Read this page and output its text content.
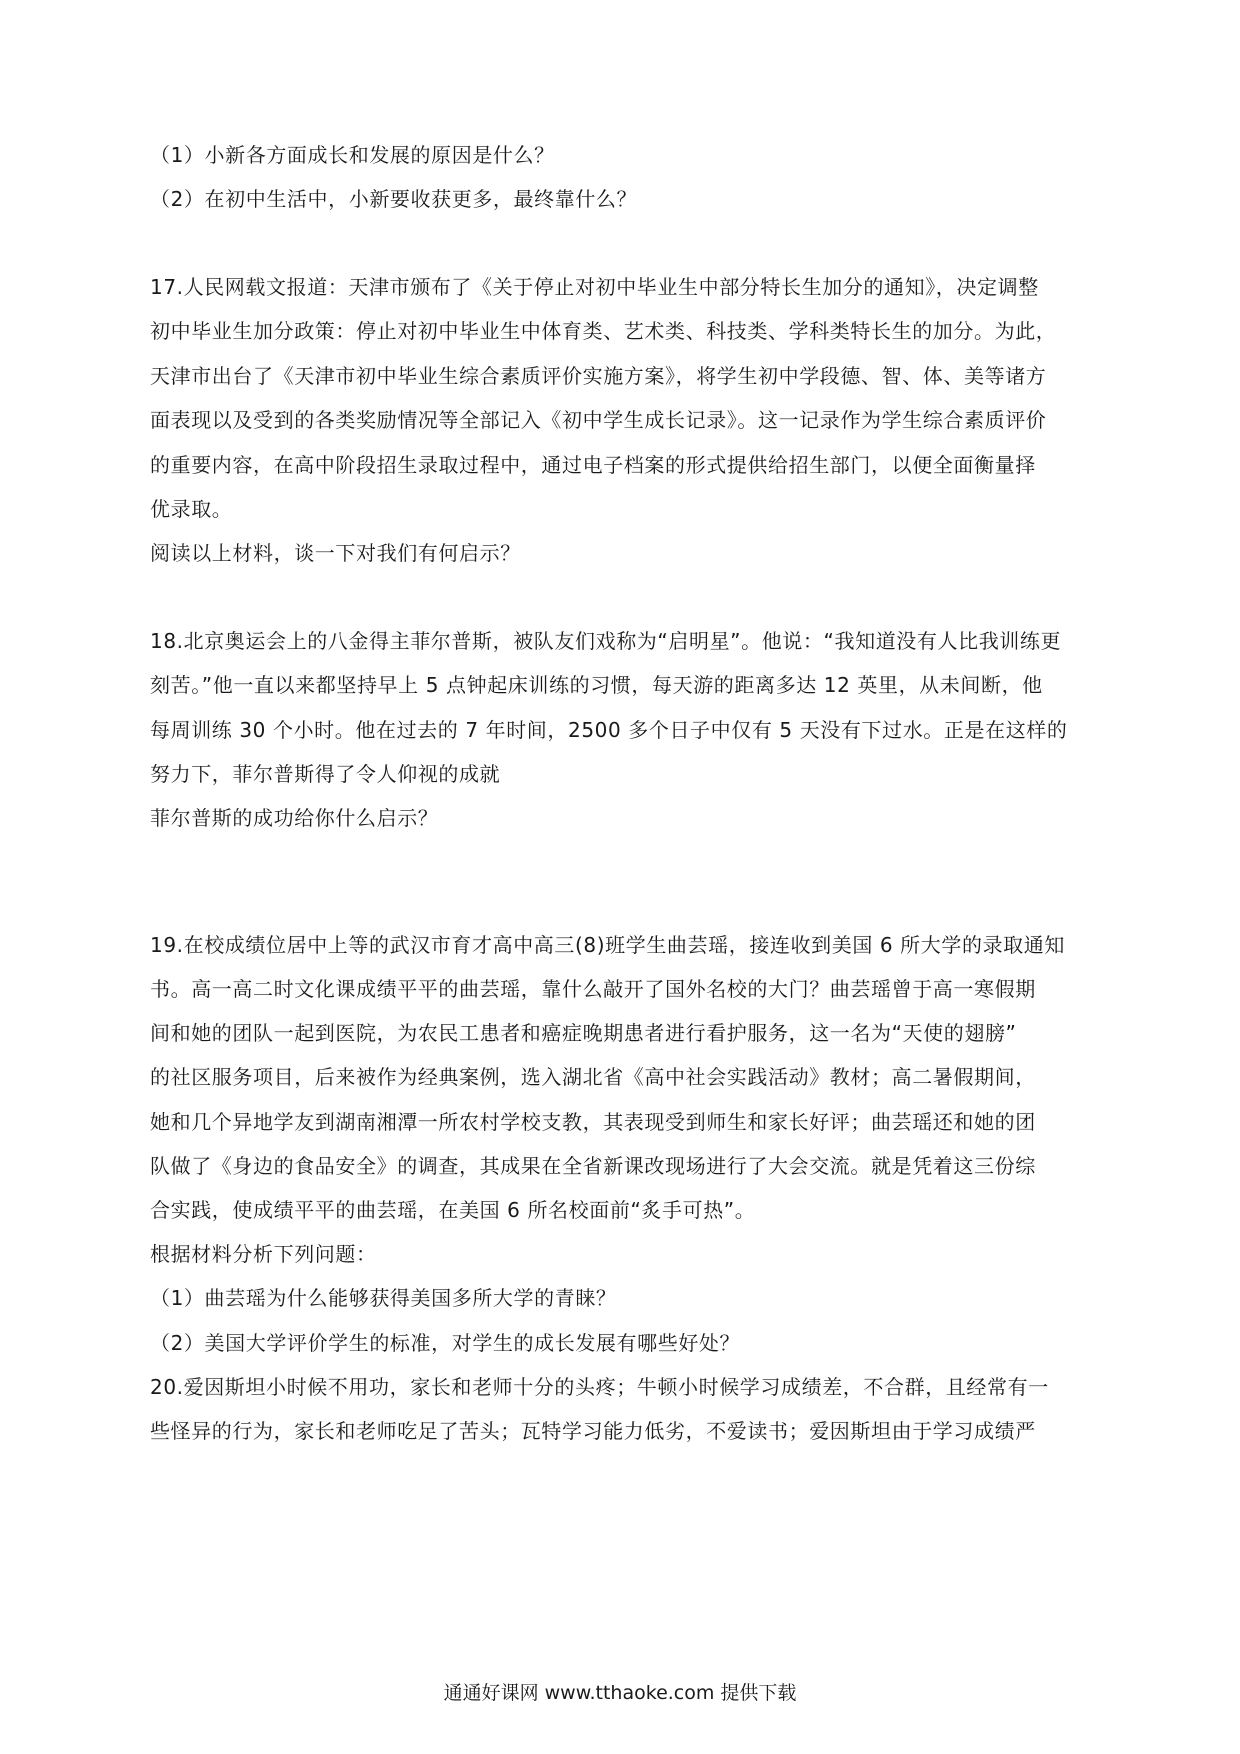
（1）小新各方面成长和发展的原因是什么？
（2）在初中生活中，小新要收获更多，最终靠什么？
17.人民网载文报道：天津市颁布了《关于停止对初中毕业生中部分特长生加分的通知》，决定调整
初中毕业生加分政策：停止对初中毕业生中体育类、艺术类、科技类、学科类特长生的加分。为此，
天津市出台了《天津市初中毕业生综合素质评价实施方案》，将学生初中学段德、智、体、美等诸方
面表现以及受到的各类奖励情况等全部记入《初中学生成长记录》。这一记录作为学生综合素质评价
的重要内容，在高中阶段招生录取过程中，通过电子档案的形式提供给招生部门，以便全面衡量择
优录取。
阅读以上材料，谈一下对我们有何启示？
18.北京奥运会上的八金得主菲尔普斯，被队友们戏称为“启明星”。他说：“我知道没有人比我训练更
刻苦。”他一直以来都坚持早上 5 点钟起床训练的习惯，每天游的距离多达 12 英里，从未间断，他
每周训练 30 个小时。他在过去的 7 年时间，2500 多个日子中仅有 5 天没有下过水。正是在这样的
努力下，菲尔普斯得了令人仰视的成就
菲尔普斯的成功给你什么启示？
19.在校成绩位居中上等的武汉市育才高中高三(8)班学生曲芸瑶，接连收到美国 6 所大学的录取通知
书。高一高二时文化课成绩平平的曲芸瑶，靠什么敲开了国外名校的大门？曲芸瑶曾于高一寒假期
间和她的团队一起到医院，为农民工患者和癌症晚期患者进行看护服务，这一名为“天使的翅膀”
的社区服务项目，后来被作为经典案例，选入湖北省《高中社会实践活动》教材；高二暑假期间，
她和几个异地学友到湖南湘潭一所农村学校支教，其表现受到师生和家长好评；曲芸瑶还和她的团
队做了《身边的食品安全》的调查，其成果在全省新课改现场进行了大会交流。就是凭着这三份综
合实践，使成绩平平的曲芸瑶，在美国 6 所名校面前“炙手可热”。
根据材料分析下列问题：
（1）曲芸瑶为什么能够获得美国多所大学的青睐？
（2）美国大学评价学生的标准，对学生的成长发展有哪些好处？
20.爱因斯坦小时候不用功，家长和老师十分的头疼；牛顿小时候学习成绩差，不合群，且经常有一
些怪异的行为，家长和老师吃足了苦头；瓦特学习能力低劣，不爱读书；爱因斯坦由于学习成绩严
通通好课网 www.tthaoke.com 提供下载
